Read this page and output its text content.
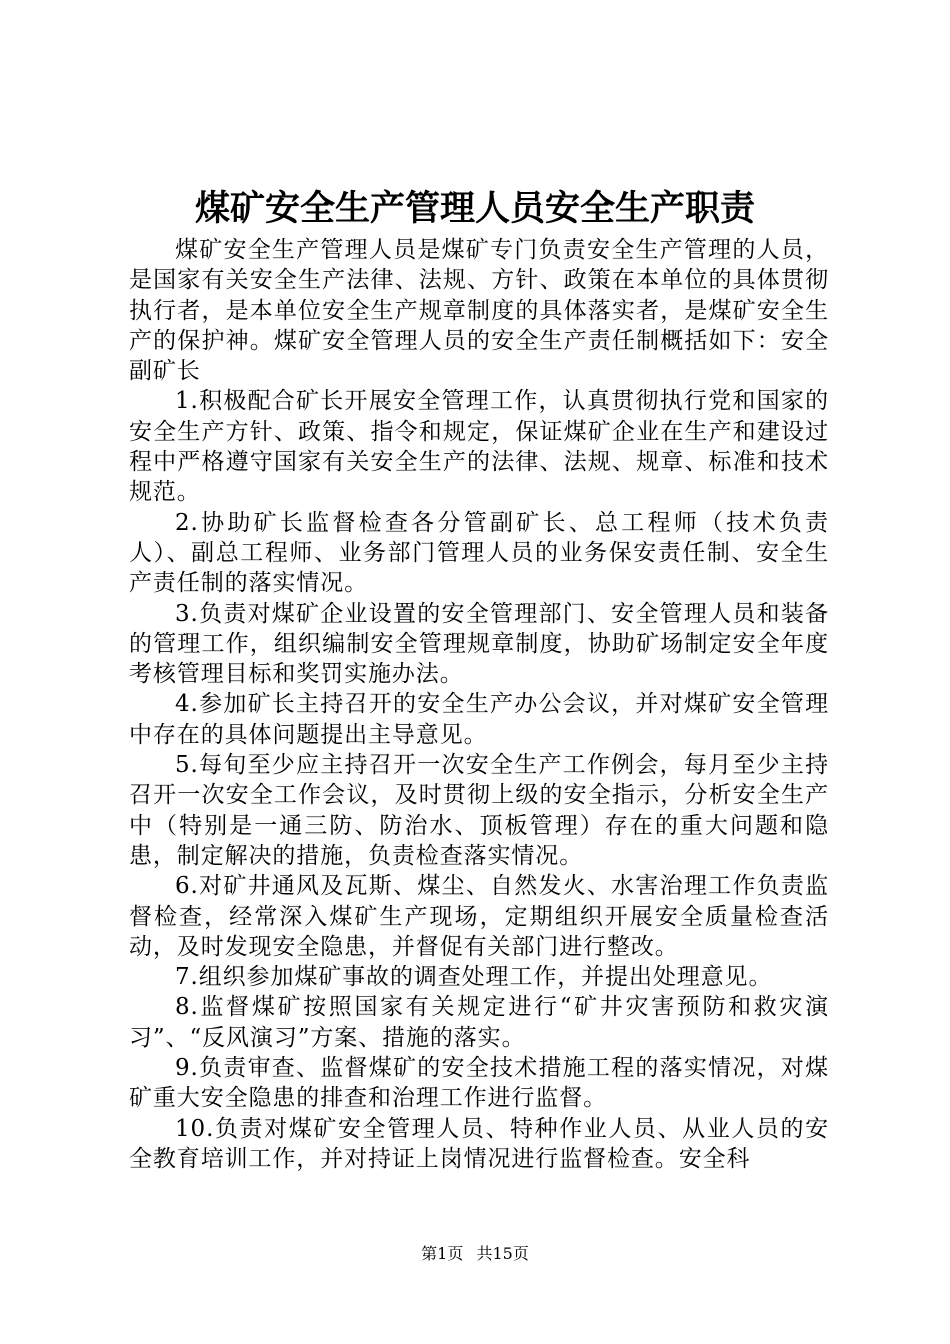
煤矿安全生产管理人员安全生产职责

煤矿安全生产管理人员是煤矿专门负责安全生产管理的人员，是国家有关安全生产法律、法规、方针、政策在本单位的具体贯彻执行者，是本单位安全生产规章制度的具体落实者，是煤矿安全生产的保护神。煤矿安全管理人员的安全生产责任制概括如下：安全副矿长

1.积极配合矿长开展安全管理工作，认真贯彻执行党和国家的安全生产方针、政策、指令和规定，保证煤矿企业在生产和建设过程中严格遵守国家有关安全生产的法律、法规、规章、标准和技术规范。

2.协助矿长监督检查各分管副矿长、总工程师（技术负责人）、副总工程师、业务部门管理人员的业务保安责任制、安全生产责任制的落实情况。

3.负责对煤矿企业设置的安全管理部门、安全管理人员和装备的管理工作，组织编制安全管理规章制度，协助矿场制定安全年度考核管理目标和奖罚实施办法。

4.参加矿长主持召开的安全生产办公会议，并对煤矿安全管理中存在的具体问题提出主导意见。

5.每旬至少应主持召开一次安全生产工作例会，每月至少主持召开一次安全工作会议，及时贯彻上级的安全指示，分析安全生产中（特别是一通三防、防治水、顶板管理）存在的重大问题和隐患，制定解决的措施，负责检查落实情况。

6.对矿井通风及瓦斯、煤尘、自然发火、水害治理工作负责监督检查，经常深入煤矿生产现场，定期组织开展安全质量检查活动，及时发现安全隐患，并督促有关部门进行整改。

7.组织参加煤矿事故的调查处理工作，并提出处理意见。

8.监督煤矿按照国家有关规定进行“矿井灾害预防和救灾演习”、“反风演习”方案、措施的落实。

9.负责审查、监督煤矿的安全技术措施工程的落实情况，对煤矿重大安全隐患的排查和治理工作进行监督。

10.负责对煤矿安全管理人员、特种作业人员、从业人员的安全教育培训工作，并对持证上岗情况进行监督检查。安全科

第1页 共15页
